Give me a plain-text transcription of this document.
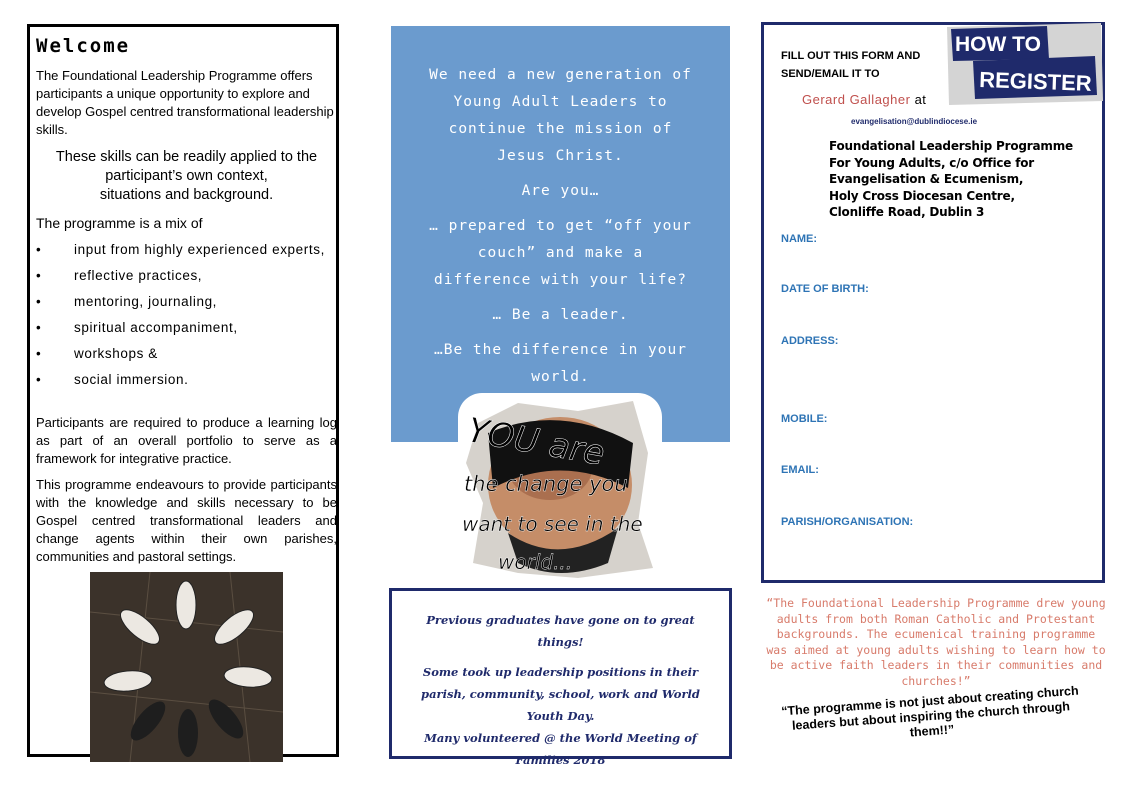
Welcome

The Foundational Leadership Programme offers participants a unique opportunity to explore and develop Gospel centred transformational leadership skills.

These skills can be readily applied to the participant’s own context,
situations and background.

The programme is a mix of

• input from highly experienced experts,
• reflective practices,
• mentoring, journaling,
• spiritual accompaniment,
• workshops &
• social immersion.

Participants are required to produce a learning log as part of an overall portfolio to serve as a framework for integrative practice.

This programme endeavours to provide participants with the knowledge and skills necessary to be Gospel centred transformational leaders and change agents within their own parishes, communities and pastoral settings.

We need a new generation of Young Adult Leaders to continue the mission of Jesus Christ.

Are you…

… prepared to get “off your couch” and make a difference with your life?

… Be a leader.

…Be the difference in your world.

YOU are
the change you
want to see in the
world...

Previous graduates have gone on to great things!

Some took up leadership positions in their parish, community, school, work and World Youth Day.

Many volunteered @ the World Meeting of Families 2018

FILL OUT THIS FORM AND
SEND/EMAIL IT TO
Gerard Gallagher at
evangelisation@dublindiocese.ie
Foundational Leadership Programme
For Young Adults, c/o Office for
Evangelisation & Ecumenism,
Holy Cross Diocesan Centre,
Clonliffe Road, Dublin 3
NAME:
DATE OF BIRTH:
ADDRESS:
MOBILE:
EMAIL:
PARISH/ORGANISATION:
HOW TO
REGISTER
“The Foundational Leadership Programme drew young adults from both Roman Catholic and Protestant backgrounds. The ecumenical training programme was aimed at young adults wishing to learn how to be active faith leaders in their communities and churches!”
“The programme is not just about creating church leaders but about inspiring the church through them!!”
